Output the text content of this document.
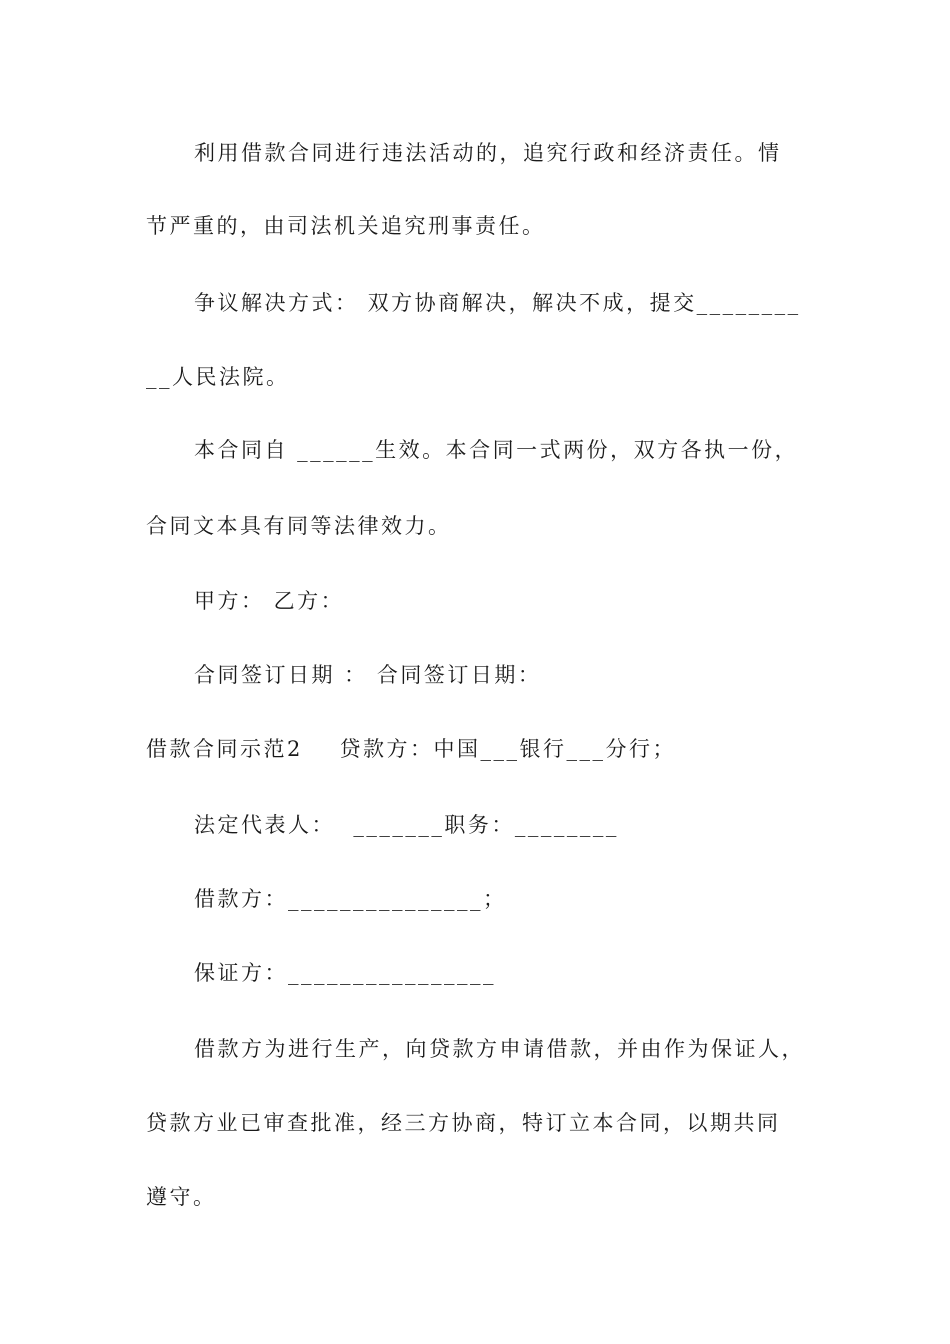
利用借款合同进行违法活动的，追究行政和经济责任。情
节严重的，由司法机关追究刑事责任。
争议解决方式： 双方协商解决，解决不成，提交________
__人民法院。
本合同自 ______生效。本合同一式两份，双方各执一份，
合同文本具有同等法律效力。
甲方： 乙方：
合同签订日期 ： 合同签订日期：
借款合同示范2    贷款方：中国___银行___分行；
法定代表人：  _______职务：________
借款方：_______________；
保证方：________________
借款方为进行生产，向贷款方申请借款，并由作为保证人，
贷款方业已审查批准，经三方协商，特订立本合同，以期共同
遵守。
